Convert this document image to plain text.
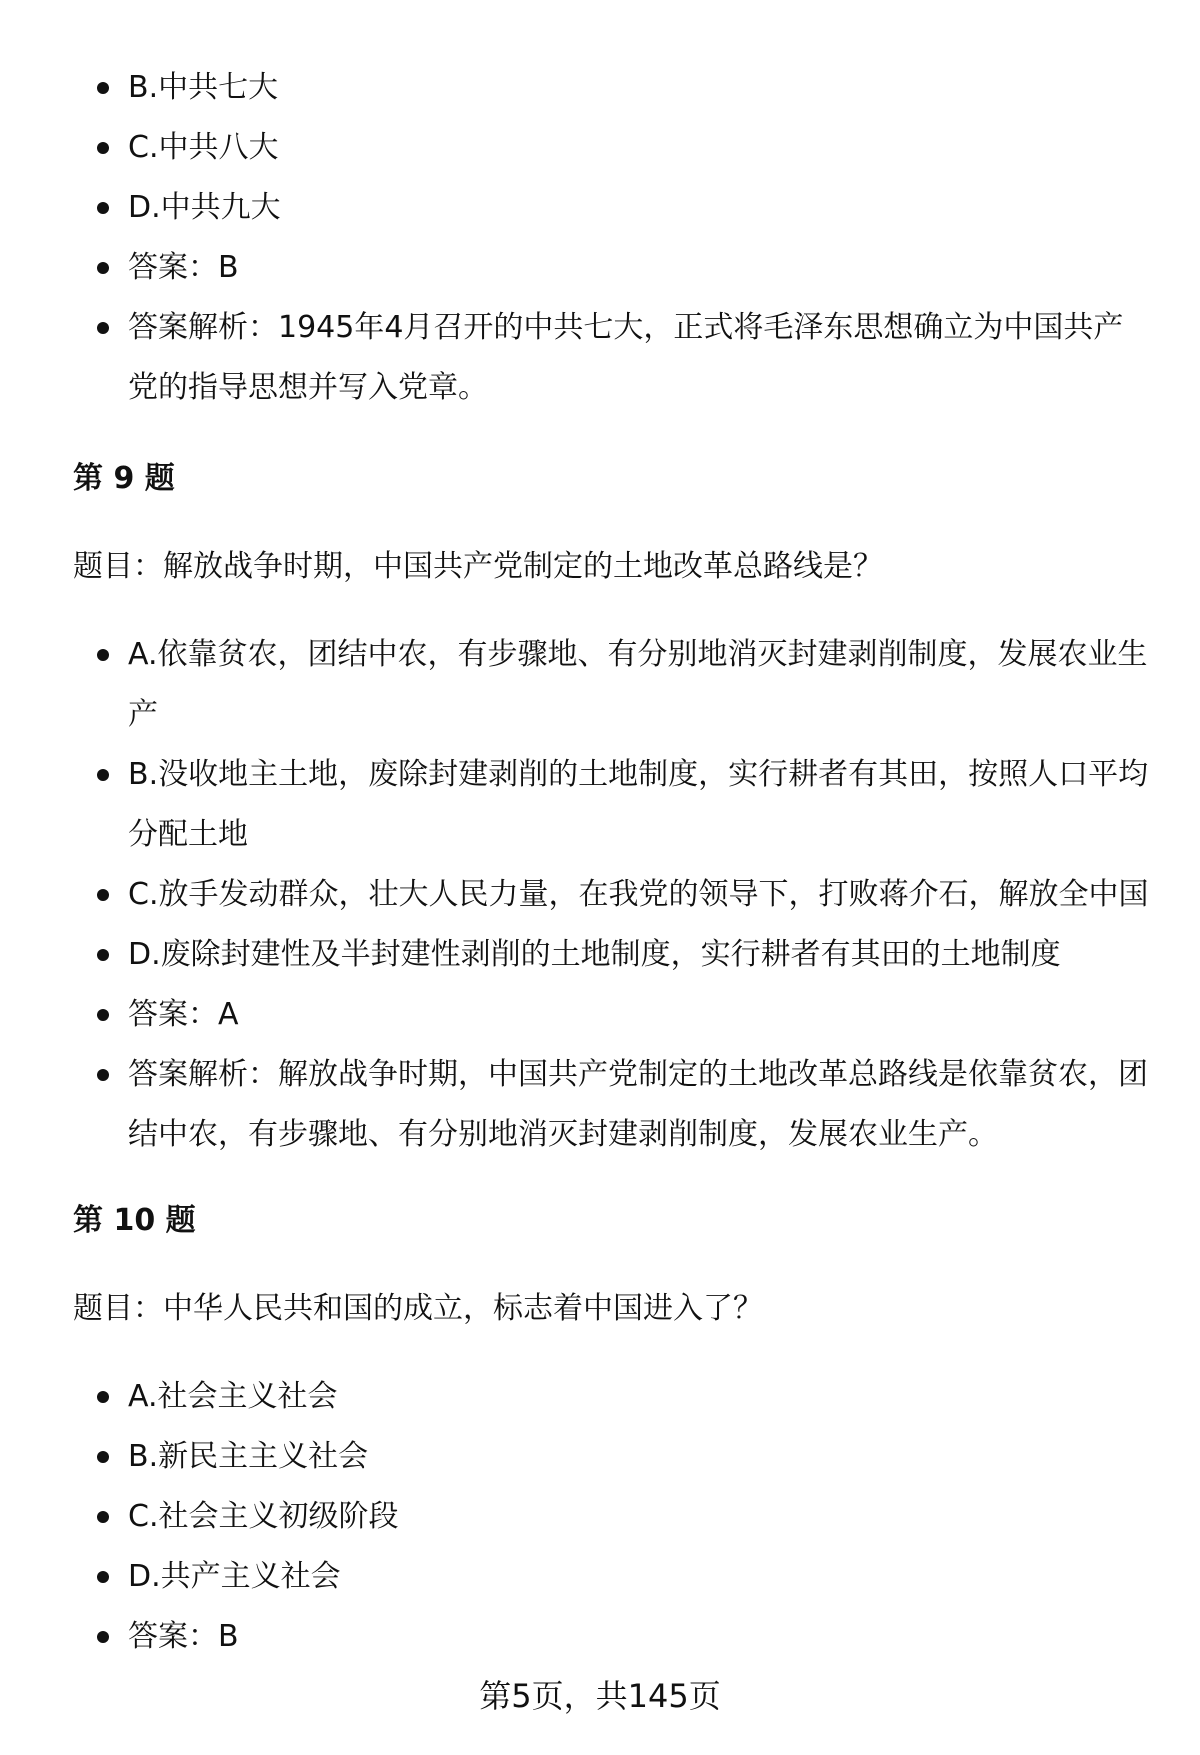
B.中共七大
C.中共八大
D.中共九大
答案：B
答案解析：1945年4月召开的中共七大，正式将毛泽东思想确立为中国共产党的指导思想并写入党章。
第 9 题
题目：解放战争时期，中国共产党制定的土地改革总路线是？
A.依靠贫农，团结中农，有步骤地、有分别地消灭封建剥削制度，发展农业生产
B.没收地主土地，废除封建剥削的土地制度，实行耕者有其田，按照人口平均分配土地
C.放手发动群众，壮大人民力量，在我党的领导下，打败蒋介石，解放全中国
D.废除封建性及半封建性剥削的土地制度，实行耕者有其田的土地制度
答案：A
答案解析：解放战争时期，中国共产党制定的土地改革总路线是依靠贫农，团结中农，有步骤地、有分别地消灭封建剥削制度，发展农业生产。
第 10 题
题目：中华人民共和国的成立，标志着中国进入了？
A.社会主义社会
B.新民主主义社会
C.社会主义初级阶段
D.共产主义社会
答案：B
第5页，共145页
